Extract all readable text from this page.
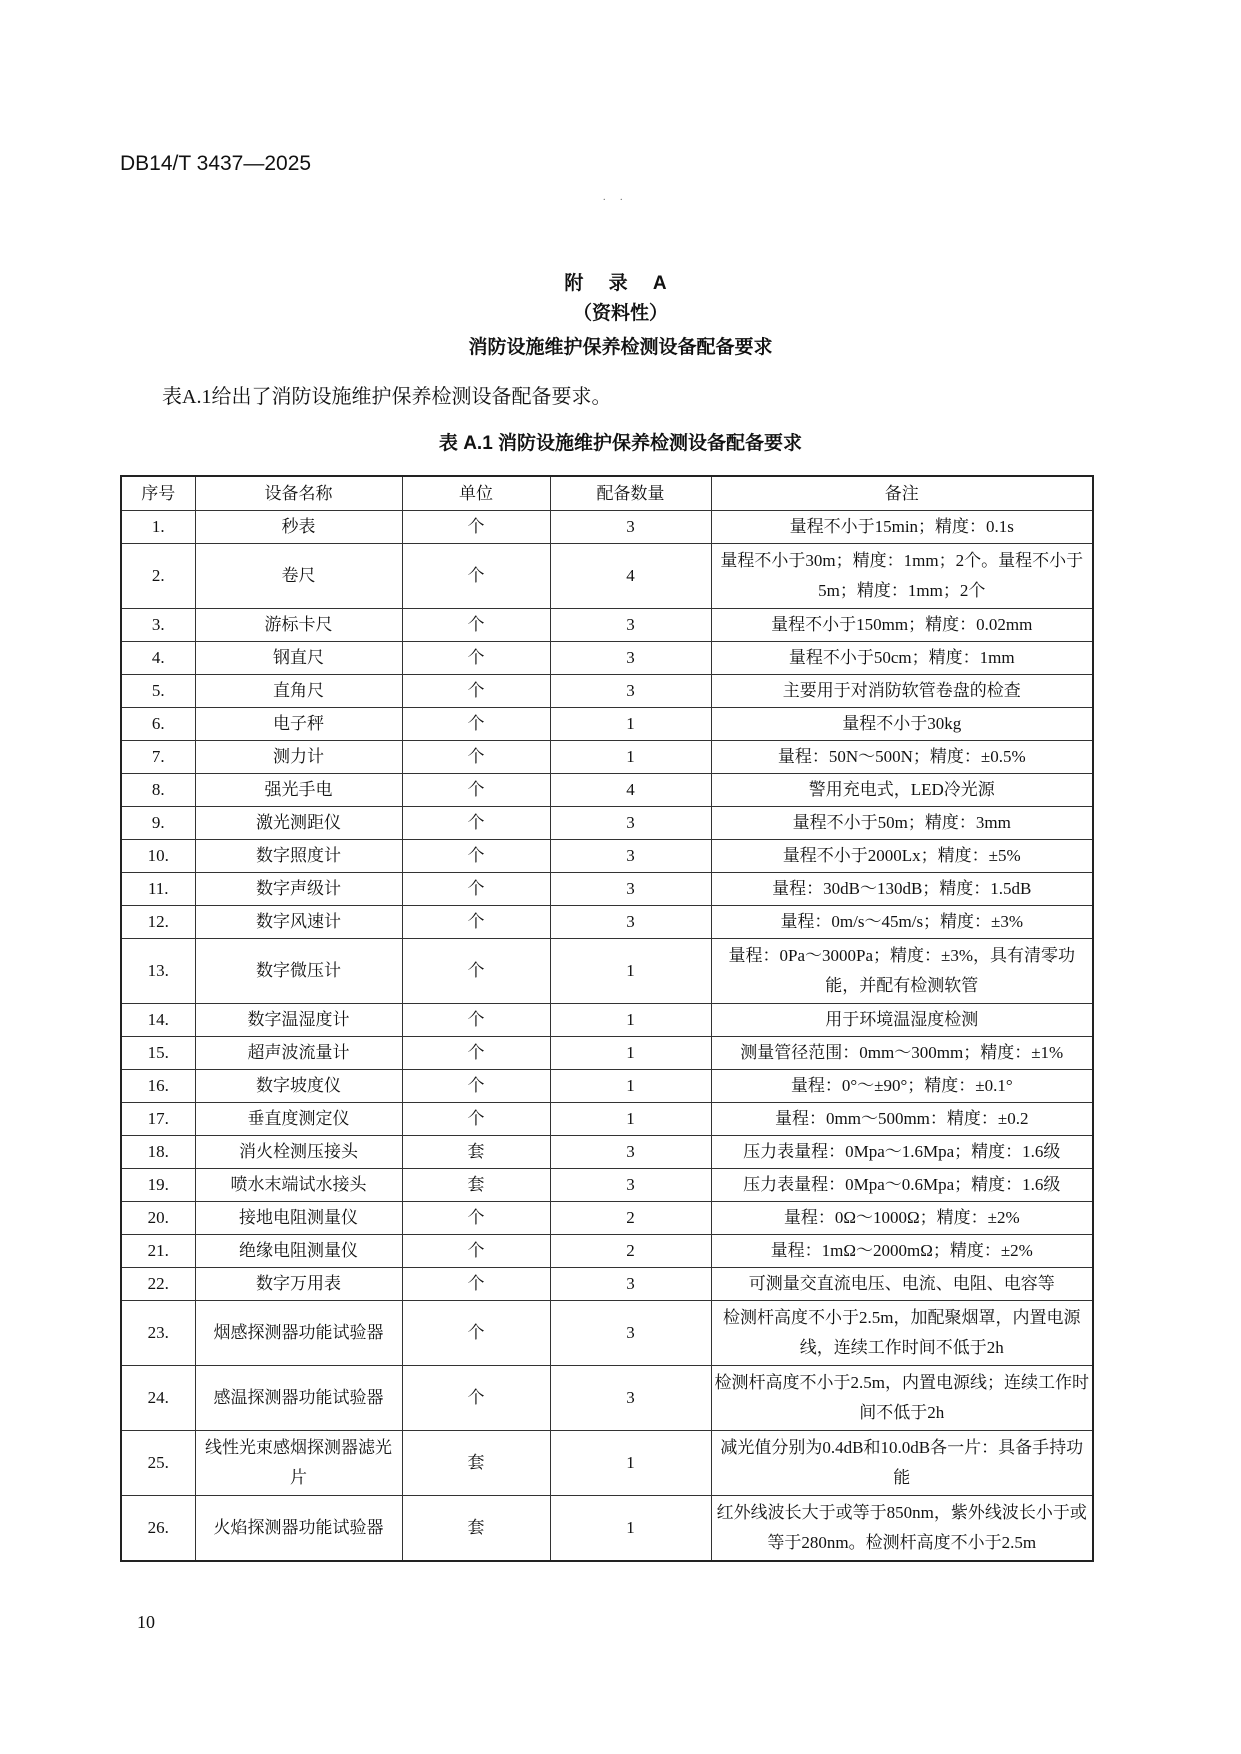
DB14/T 3437—2025
. .
附 录 A
（资料性）
消防设施维护保养检测设备配备要求
表A.1给出了消防设施维护保养检测设备配备要求。
表 A.1 消防设施维护保养检测设备配备要求
序号	设备名称	单位	配备数量	备注
1.	秒表	个	3	量程不小于15min；精度：0.1s
2.	卷尺	个	4	量程不小于30m；精度：1mm；2个。量程不小于5m；精度：1mm；2个
3.	游标卡尺	个	3	量程不小于150mm；精度：0.02mm
4.	钢直尺	个	3	量程不小于50cm；精度：1mm
5.	直角尺	个	3	主要用于对消防软管卷盘的检查
6.	电子秤	个	1	量程不小于30kg
7.	测力计	个	1	量程：50N～500N；精度：±0.5%
8.	强光手电	个	4	警用充电式，LED冷光源
9.	激光测距仪	个	3	量程不小于50m；精度：3mm
10.	数字照度计	个	3	量程不小于2000Lx；精度：±5%
11.	数字声级计	个	3	量程：30dB～130dB；精度：1.5dB
12.	数字风速计	个	3	量程：0m/s～45m/s；精度：±3%
13.	数字微压计	个	1	量程：0Pa～3000Pa；精度：±3%，具有清零功能，并配有检测软管
14.	数字温湿度计	个	1	用于环境温湿度检测
15.	超声波流量计	个	1	测量管径范围：0mm～300mm；精度：±1%
16.	数字坡度仪	个	1	量程：0°～±90°；精度：±0.1°
17.	垂直度测定仪	个	1	量程：0mm～500mm：精度：±0.2
18.	消火栓测压接头	套	3	压力表量程：0Mpa～1.6Mpa；精度：1.6级
19.	喷水末端试水接头	套	3	压力表量程：0Mpa～0.6Mpa；精度：1.6级
20.	接地电阻测量仪	个	2	量程：0Ω～1000Ω；精度：±2%
21.	绝缘电阻测量仪	个	2	量程：1mΩ～2000mΩ；精度：±2%
22.	数字万用表	个	3	可测量交直流电压、电流、电阻、电容等
23.	烟感探测器功能试验器	个	3	检测杆高度不小于2.5m，加配聚烟罩，内置电源线，连续工作时间不低于2h
24.	感温探测器功能试验器	个	3	检测杆高度不小于2.5m，内置电源线；连续工作时间不低于2h
25.	线性光束感烟探测器滤光片	套	1	减光值分别为0.4dB和10.0dB各一片：具备手持功能
26.	火焰探测器功能试验器	套	1	红外线波长大于或等于850nm，紫外线波长小于或等于280nm。检测杆高度不小于2.5m
10
